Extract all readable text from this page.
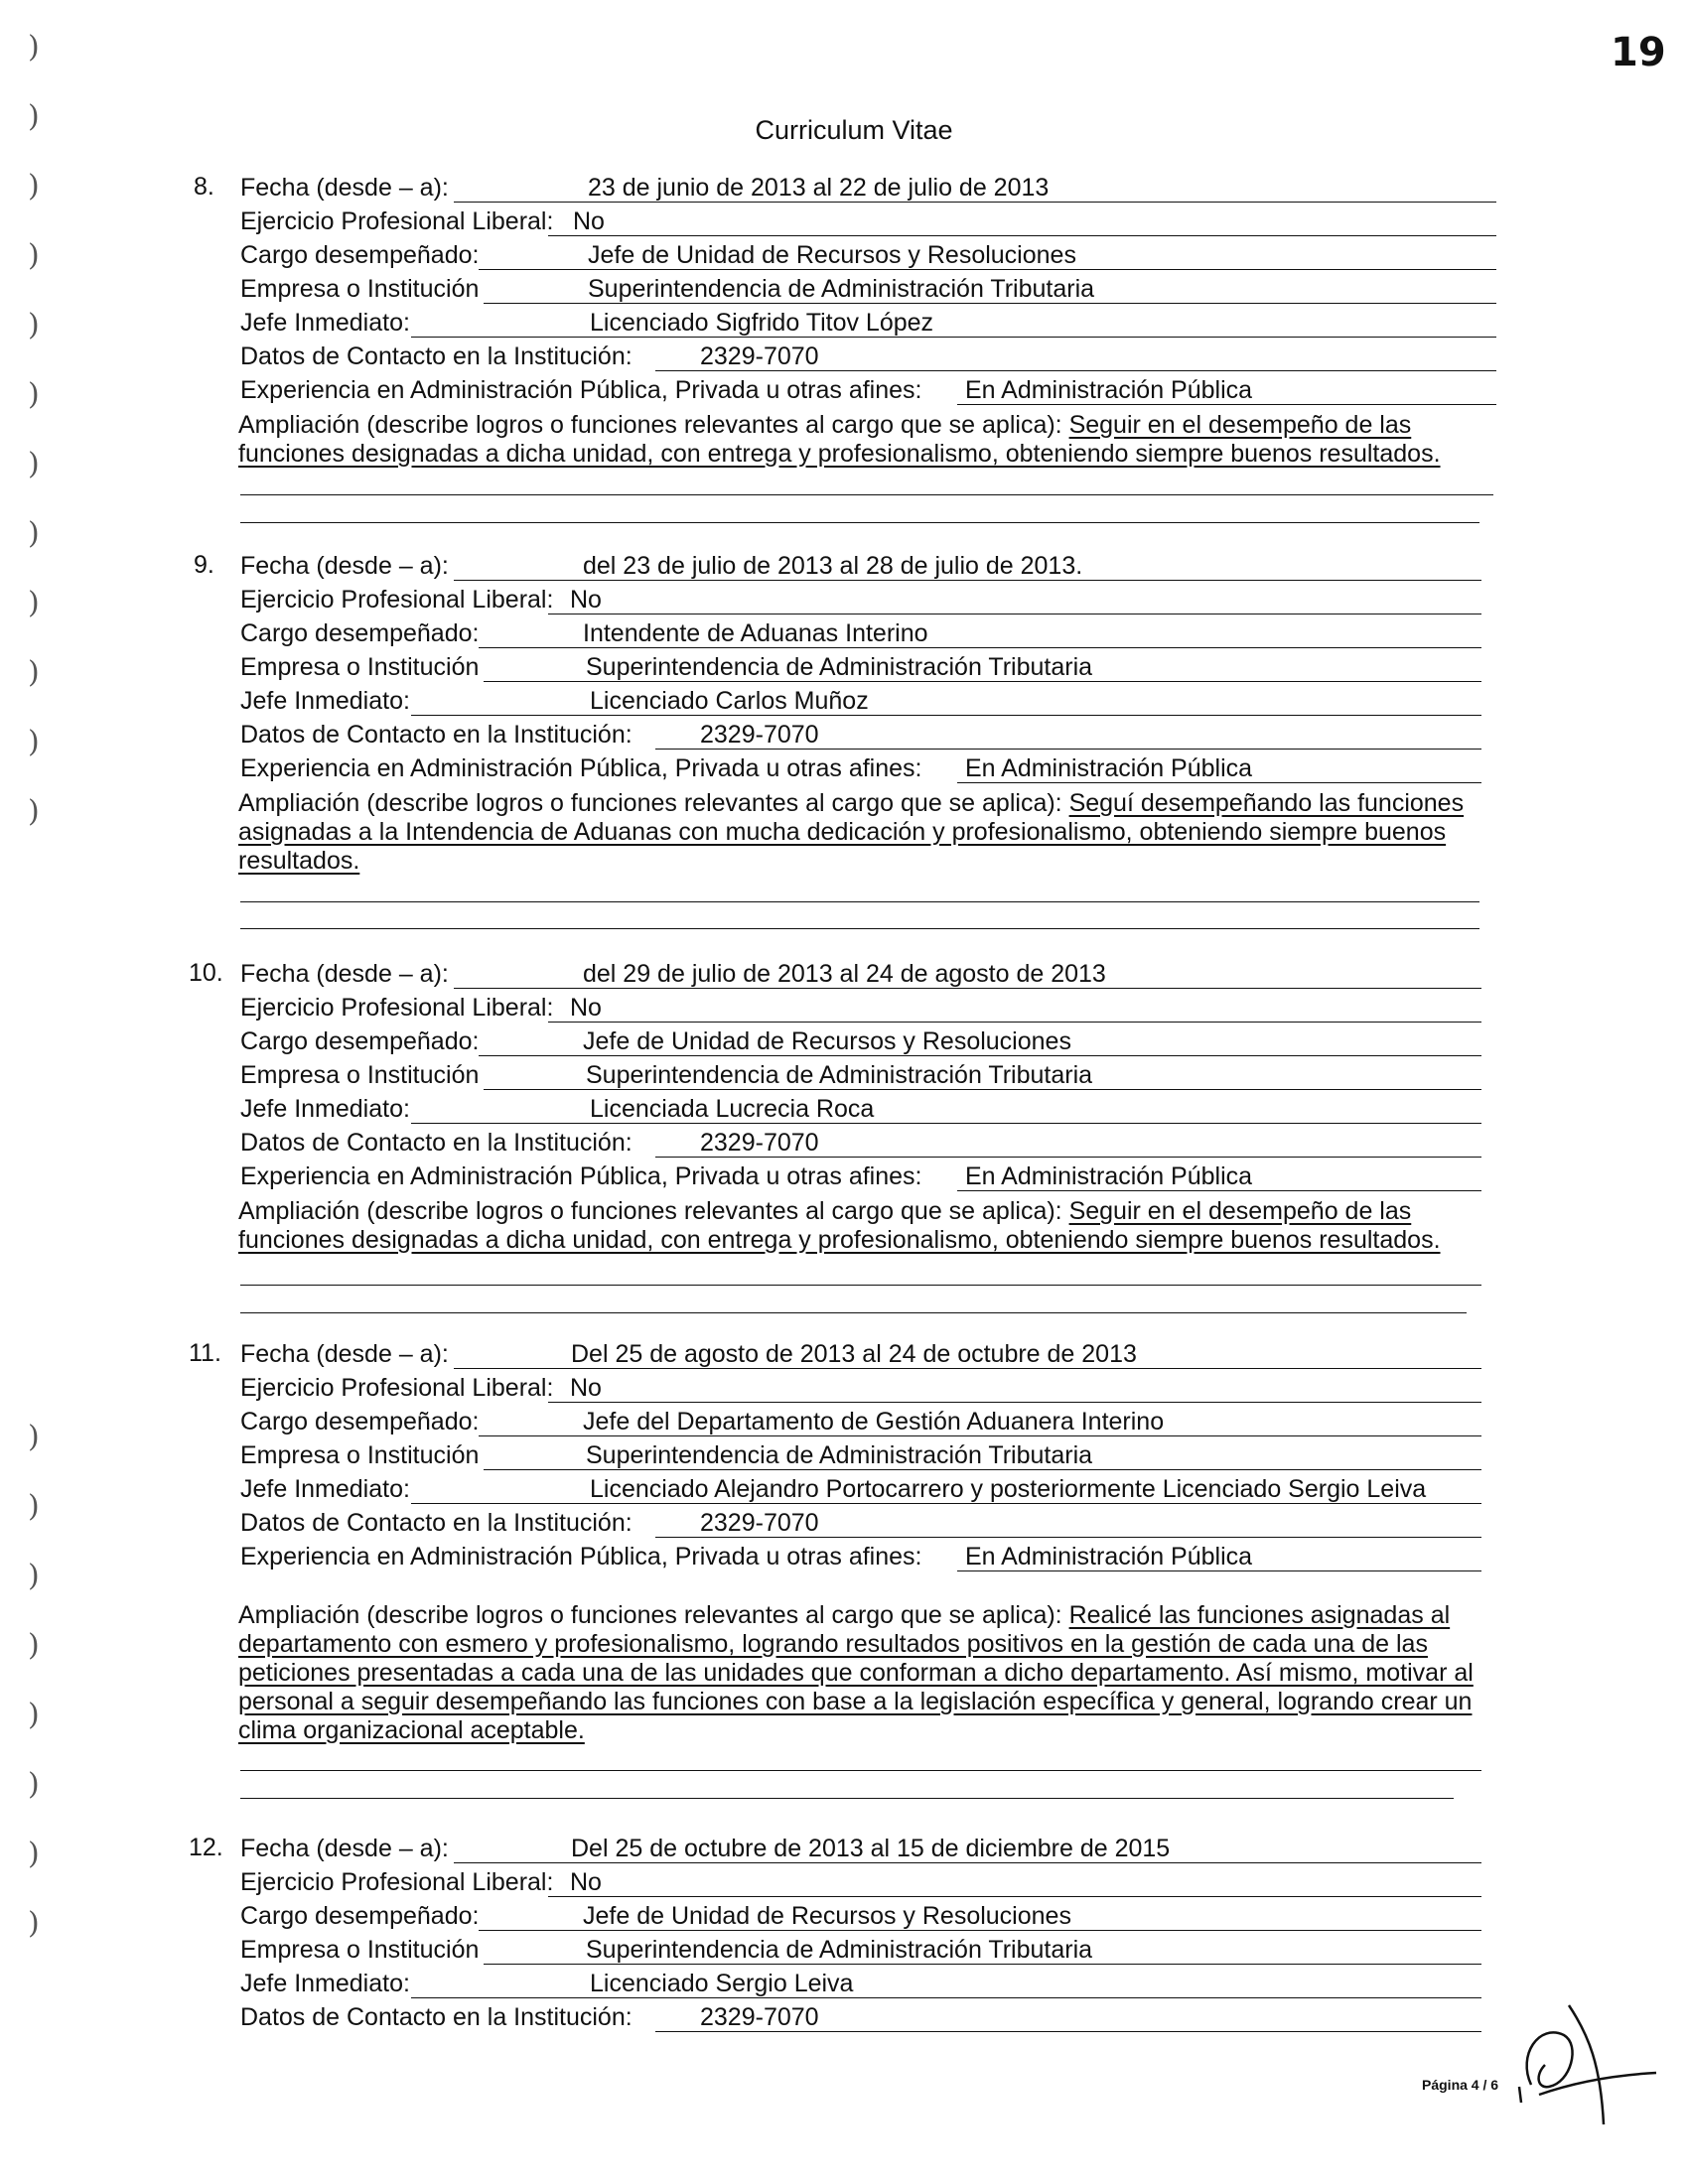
19
Curriculum Vitae
)
)
)
)
)
)
)
)
)
)
)
)
)
)
)
)
)
)
)
)
8. Fecha (desde – a):	23 de junio de 2013 al 22 de julio de 2013
Ejercicio Profesional Liberal: No
Cargo desempeñado:	Jefe de Unidad de Recursos y Resoluciones
Empresa o Institución	Superintendencia de Administración Tributaria
Jefe Inmediato:	Licenciado Sigfrido Titov López
Datos de Contacto en la Institución:	2329-7070
Experiencia en Administración Pública, Privada u otras afines:	En Administración Pública
Ampliación (describe logros o funciones relevantes al cargo que se aplica): Seguir en el desempeño de las funciones designadas a dicha unidad, con entrega y profesionalismo, obteniendo siempre buenos resultados.
9. Fecha (desde – a):	del 23 de julio de 2013 al 28 de julio de 2013.
Ejercicio Profesional Liberal: No
Cargo desempeñado:	Intendente de Aduanas Interino
Empresa o Institución	Superintendencia de Administración Tributaria
Jefe Inmediato:	Licenciado Carlos Muñoz
Datos de Contacto en la Institución:	2329-7070
Experiencia en Administración Pública, Privada u otras afines:	En Administración Pública
Ampliación (describe logros o funciones relevantes al cargo que se aplica): Seguí desempeñando las funciones asignadas a la Intendencia de Aduanas con mucha dedicación y profesionalismo, obteniendo siempre buenos resultados.
10. Fecha (desde – a):	del 29 de julio de 2013 al 24 de agosto de 2013
Ejercicio Profesional Liberal: No
Cargo desempeñado:	Jefe de Unidad de Recursos y Resoluciones
Empresa o Institución	Superintendencia de Administración Tributaria
Jefe Inmediato:	Licenciada Lucrecia Roca
Datos de Contacto en la Institución:	2329-7070
Experiencia en Administración Pública, Privada u otras afines:	En Administración Pública
Ampliación (describe logros o funciones relevantes al cargo que se aplica): Seguir en el desempeño de las funciones designadas a dicha unidad, con entrega y profesionalismo, obteniendo siempre buenos resultados.
11. Fecha (desde – a):	Del 25 de agosto de 2013 al 24 de octubre de 2013
Ejercicio Profesional Liberal: No
Cargo desempeñado:	Jefe del Departamento de Gestión Aduanera Interino
Empresa o Institución	Superintendencia de Administración Tributaria
Jefe Inmediato:	Licenciado Alejandro Portocarrero y posteriormente Licenciado Sergio Leiva
Datos de Contacto en la Institución:	2329-7070
Experiencia en Administración Pública, Privada u otras afines:	En Administración Pública
Ampliación (describe logros o funciones relevantes al cargo que se aplica): Realicé las funciones asignadas al departamento con esmero y profesionalismo, logrando resultados positivos en la gestión de cada una de las peticiones presentadas a cada una de las unidades que conforman a dicho departamento. Así mismo, motivar al personal a seguir desempeñando las funciones con base a la legislación específica y general, logrando crear un clima organizacional aceptable.
12. Fecha (desde – a):	Del 25 de octubre de 2013 al 15 de diciembre de 2015
Ejercicio Profesional Liberal: No
Cargo desempeñado:	Jefe de Unidad de Recursos y Resoluciones
Empresa o Institución	Superintendencia de Administración Tributaria
Jefe Inmediato:	Licenciado Sergio Leiva
Datos de Contacto en la Institución:	2329-7070
Página 4 / 6
